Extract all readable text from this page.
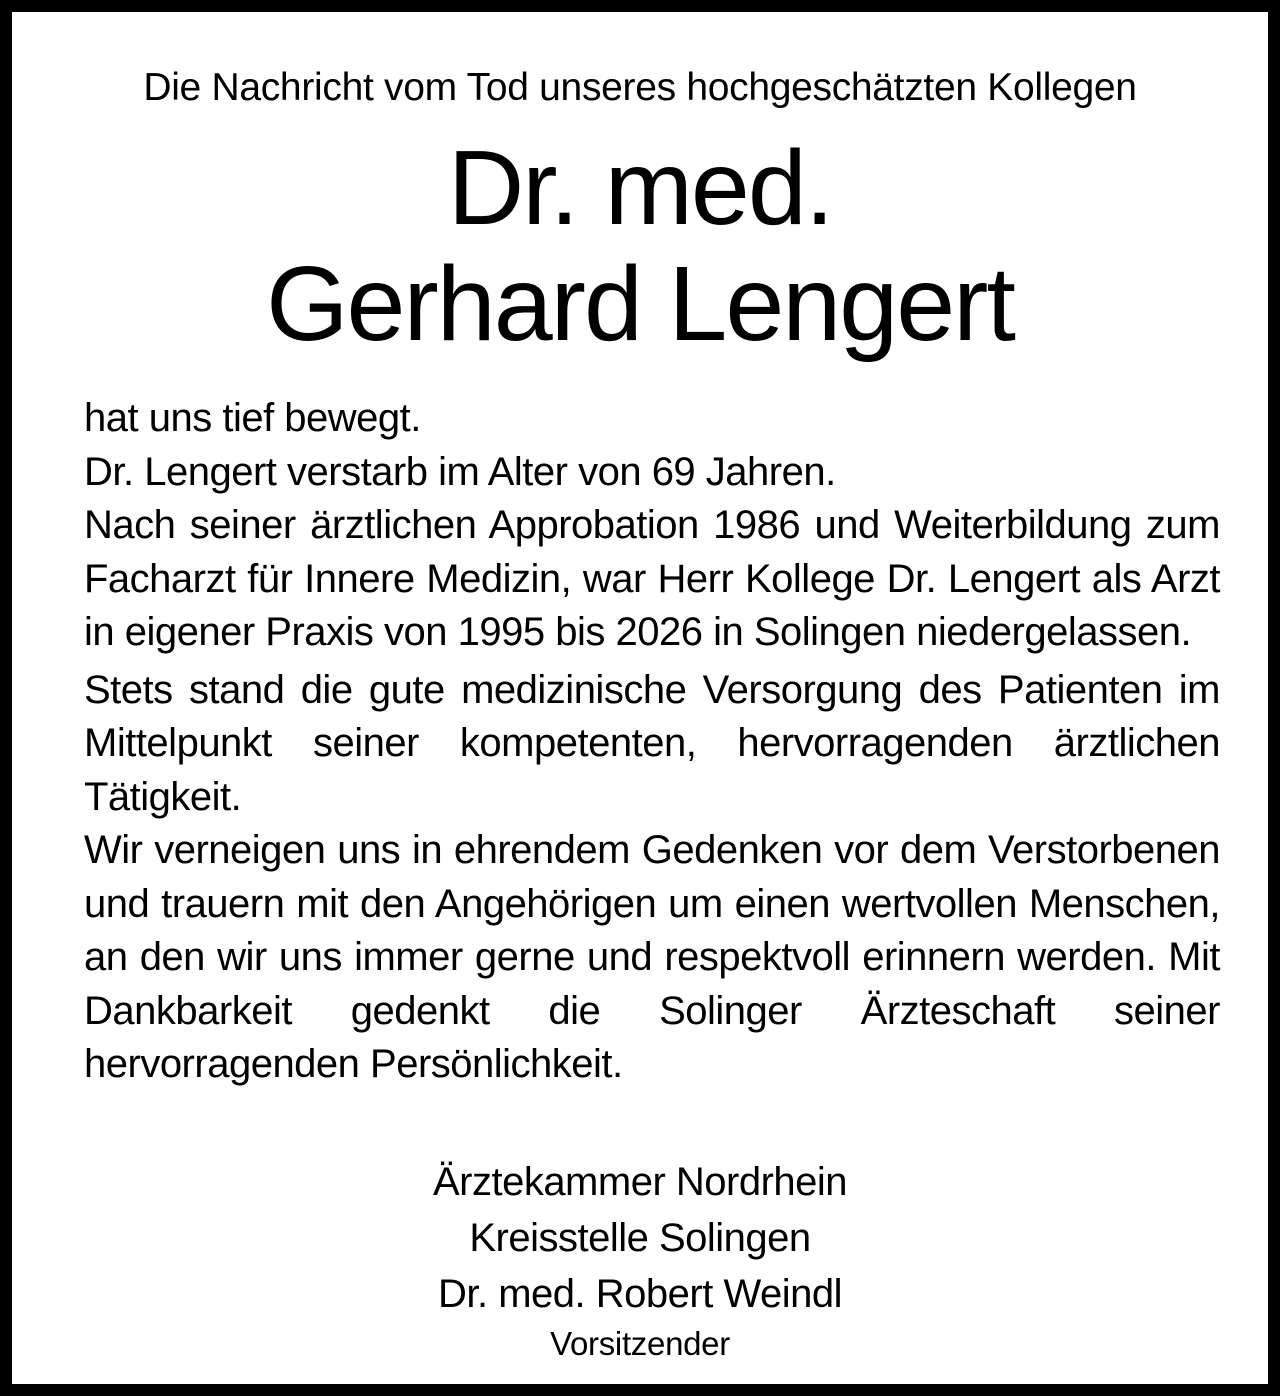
Die Nachricht vom Tod unseres hochgeschätzten Kollegen
Dr. med.
Gerhard Lengert

hat uns tief bewegt.

Dr. Lengert verstarb im Alter von 69 Jahren.

Nach seiner ärztlichen Approbation 1986 und Weiterbildung zum Facharzt für Innere Medizin, war Herr Kollege Dr. Lengert als Arzt in eigener Praxis von 1995 bis 2026 in Solingen niedergelassen.

Stets stand die gute medizinische Versorgung des Patienten im Mittelpunkt seiner kompetenten, hervorragenden ärztlichen Tätigkeit.

Wir verneigen uns in ehrendem Gedenken vor dem Verstorbenen und trauern mit den Angehörigen um einen wertvollen Menschen, an den wir uns immer gerne und respektvoll erinnern werden. Mit Dankbarkeit gedenkt die Solinger Ärzteschaft seiner hervorragenden Persönlichkeit.

Ärztekammer Nordrhein
Kreisstelle Solingen
Dr. med. Robert Weindl
Vorsitzender
